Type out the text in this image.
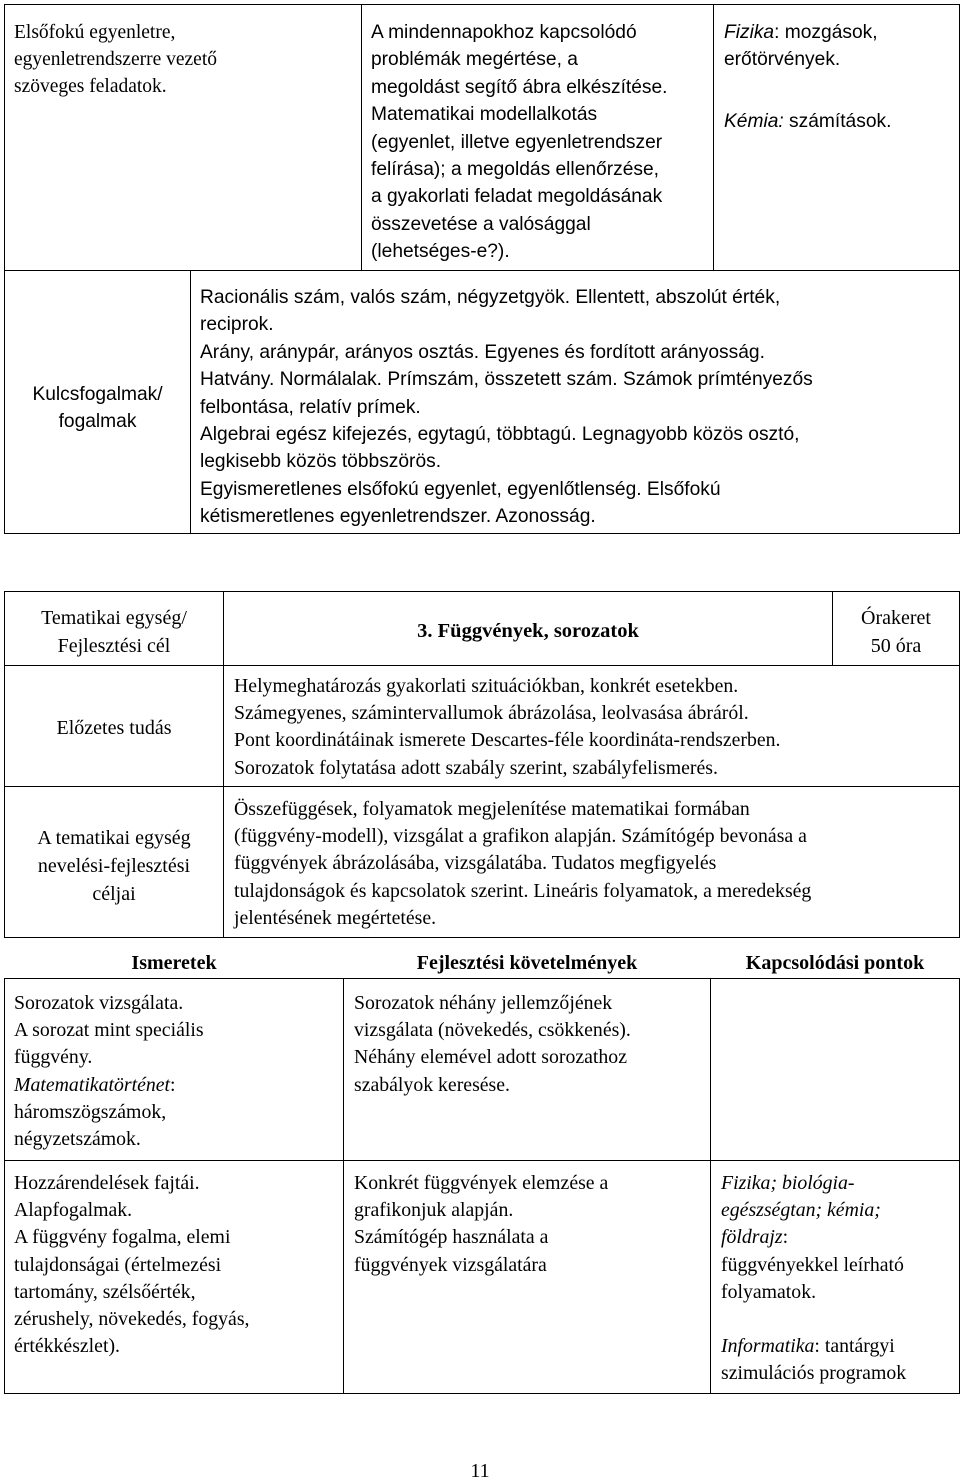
Elsőfokú egyenletre,

egyenletrendszerre vezető

szöveges feladatok.

A mindennapokhoz kapcsolódó

problémák megértése, a

megoldást segítő ábra elkészítése.

Matematikai modellalkotás

(egyenlet, illetve egyenletrendszer

felírása); a megoldás ellenőrzése,

a gyakorlati feladat megoldásának

összevetése a valósággal

(lehetséges-e?).

Fizika: mozgások,

erőtörvények.

Kémia: számítások.

Kulcsfogalmak/

fogalmak

Racionális szám, valós szám, négyzetgyök. Ellentett, abszolút érték,

reciprok.

Arány, aránypár, arányos osztás. Egyenes és fordított arányosság.

Hatvány. Normálalak. Prímszám, összetett szám. Számok prímtényezős

felbontása, relatív prímek.

Algebrai egész kifejezés, egytagú, többtagú. Legnagyobb közös osztó,

legkisebb közös többszörös.

Egyismeretlenes elsőfokú egyenlet, egyenlőtlenség. Elsőfokú

kétismeretlenes egyenletrendszer. Azonosság.

Tematikai egység/

Fejlesztési cél

3. Függvények, sorozatok

Órakeret

50 óra

Előzetes tudás

Helymeghatározás gyakorlati szituációkban, konkrét esetekben.

Számegyenes, számintervallumok ábrázolása, leolvasása ábráról.

Pont koordinátáinak ismerete Descartes-féle koordináta-rendszerben.

Sorozatok folytatása adott szabály szerint, szabályfelismerés.

A tematikai egység

nevelési-fejlesztési

céljai

Összefüggések, folyamatok megjelenítése matematikai formában

(függvény-modell), vizsgálat a grafikon alapján. Számítógép bevonása a

függvények ábrázolásába, vizsgálatába. Tudatos megfigyelés

tulajdonságok és kapcsolatok szerint. Lineáris folyamatok, a meredekség

jelentésének megértetése.

Ismeretek	Fejlesztési követelmények	Kapcsolódási pontok

Sorozatok vizsgálata.

A sorozat mint speciális

függvény.

Matematikatörténet:

háromszögszámok,

négyzetszámok.

Sorozatok néhány jellemzőjének

vizsgálata (növekedés, csökkenés).

Néhány elemével adott sorozathoz

szabályok keresése.

Hozzárendelések fajtái.

Alapfogalmak.

A függvény fogalma, elemi

tulajdonságai (értelmezési

tartomány, szélsőérték,

zérushely, növekedés, fogyás,

értékkészlet).

Konkrét függvények elemzése a

grafikonjuk alapján.

Számítógép használata a

függvények vizsgálatára

Fizika; biológia-

egészségtan; kémia;

földrajz:

függvényekkel leírható

folyamatok.

Informatika: tantárgyi

szimulációs programok

11
